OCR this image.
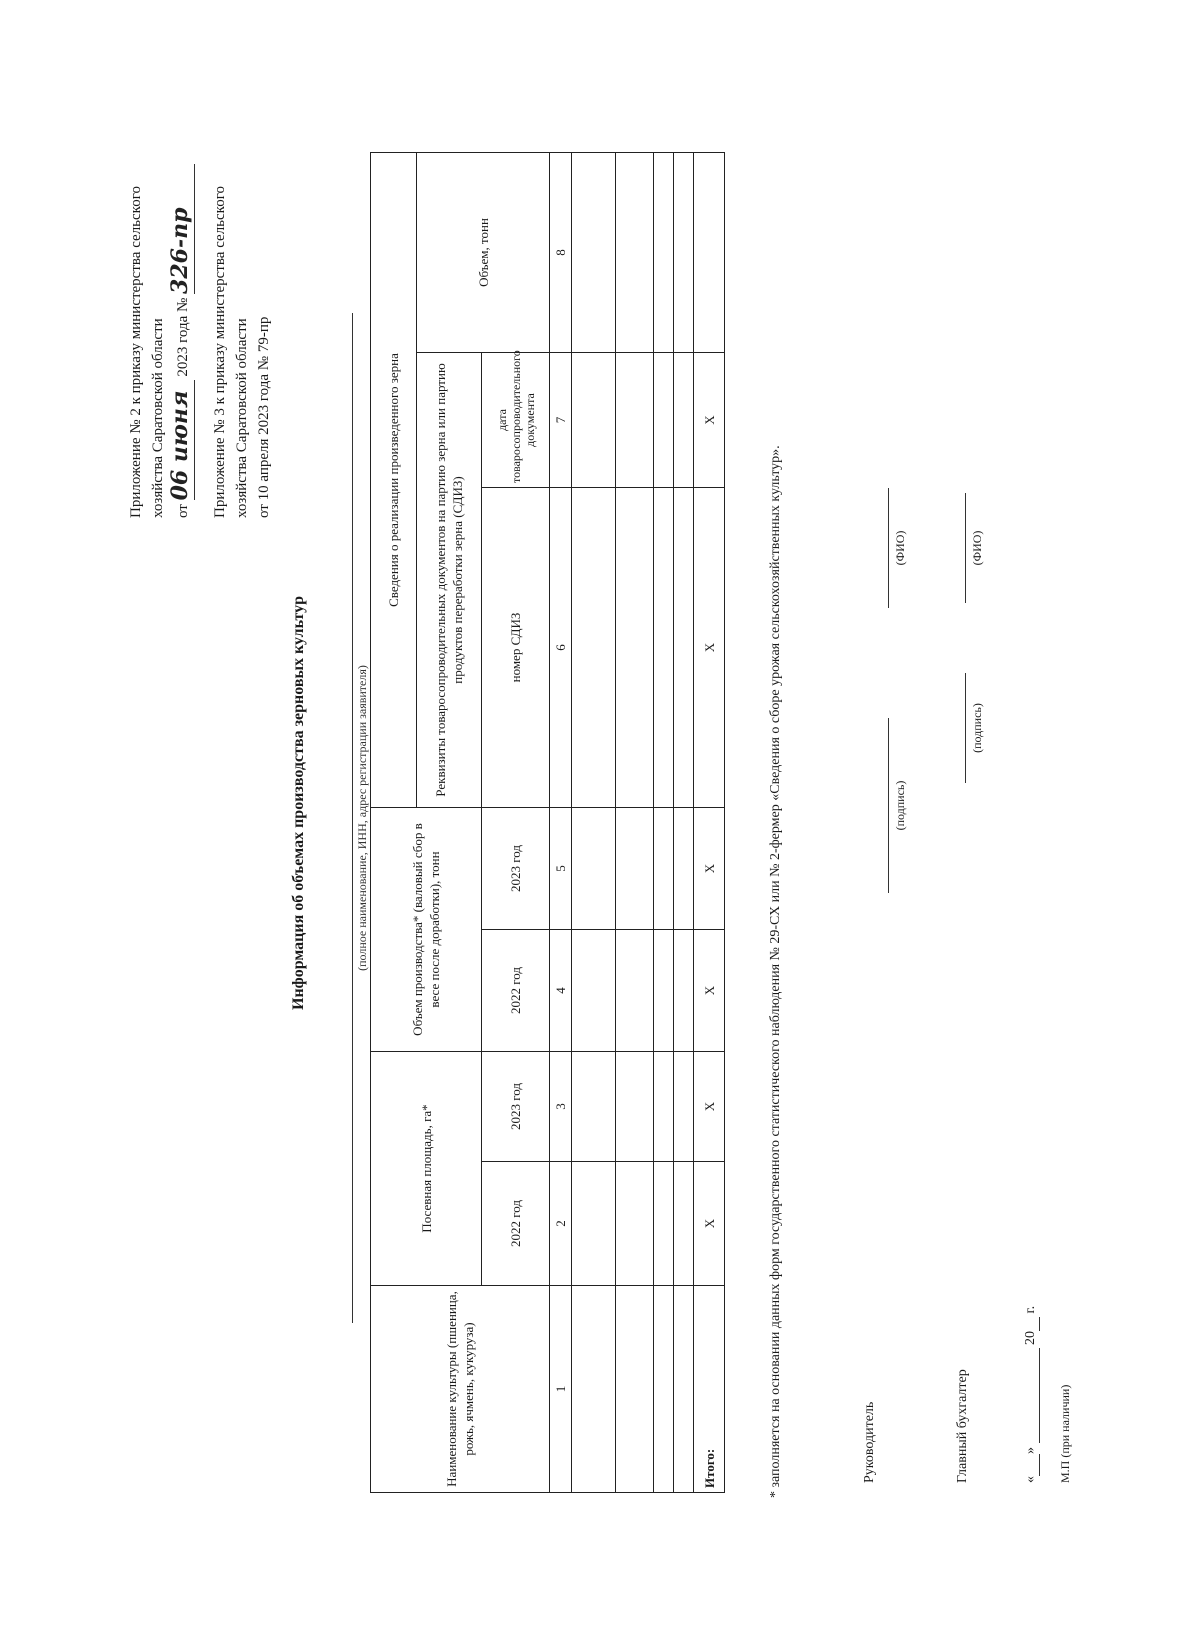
Приложение № 2 к приказу министерства сельского хозяйства Саратовской области от 06 июня 2023 года № 326-пр Приложение № 3 к приказу министерства сельского хозяйства Саратовской области от 10 апреля 2023 года № 79-пр
Информация об объемах производства зерновых культур	(полное наименование, ИНН, адрес регистрации заявителя)
Наименование культуры (пшеница, рожь, ячмень, кукуруза)	Посевная площадь, га*		Объем производства* (валовый сбор в весе после доработки), тонн		Сведения о реализации произведенного зерна		
					Реквизиты товаросопроводительных документов на партию зерна или партию продуктов переработки зерна (СДИЗ)		Объем, тонн
	2022 год	2023 год	2022 год	2023 год	номер СДИЗ	дата товаросопроводительного документа	
1	2	3	4	5	6	7	8

Итого:	X	X	X	X	X	X	
* заполняется на основании данных форм государственного статистического наблюдения № 29-СХ или № 2-фермер «Сведения о сборе урожая сельскохозяйственных культур».	Руководитель
(подпись)
(ФИО)
Главный бухгалтер
(подпись)
(ФИО)
« »   20  г.
М.П (при наличии)
